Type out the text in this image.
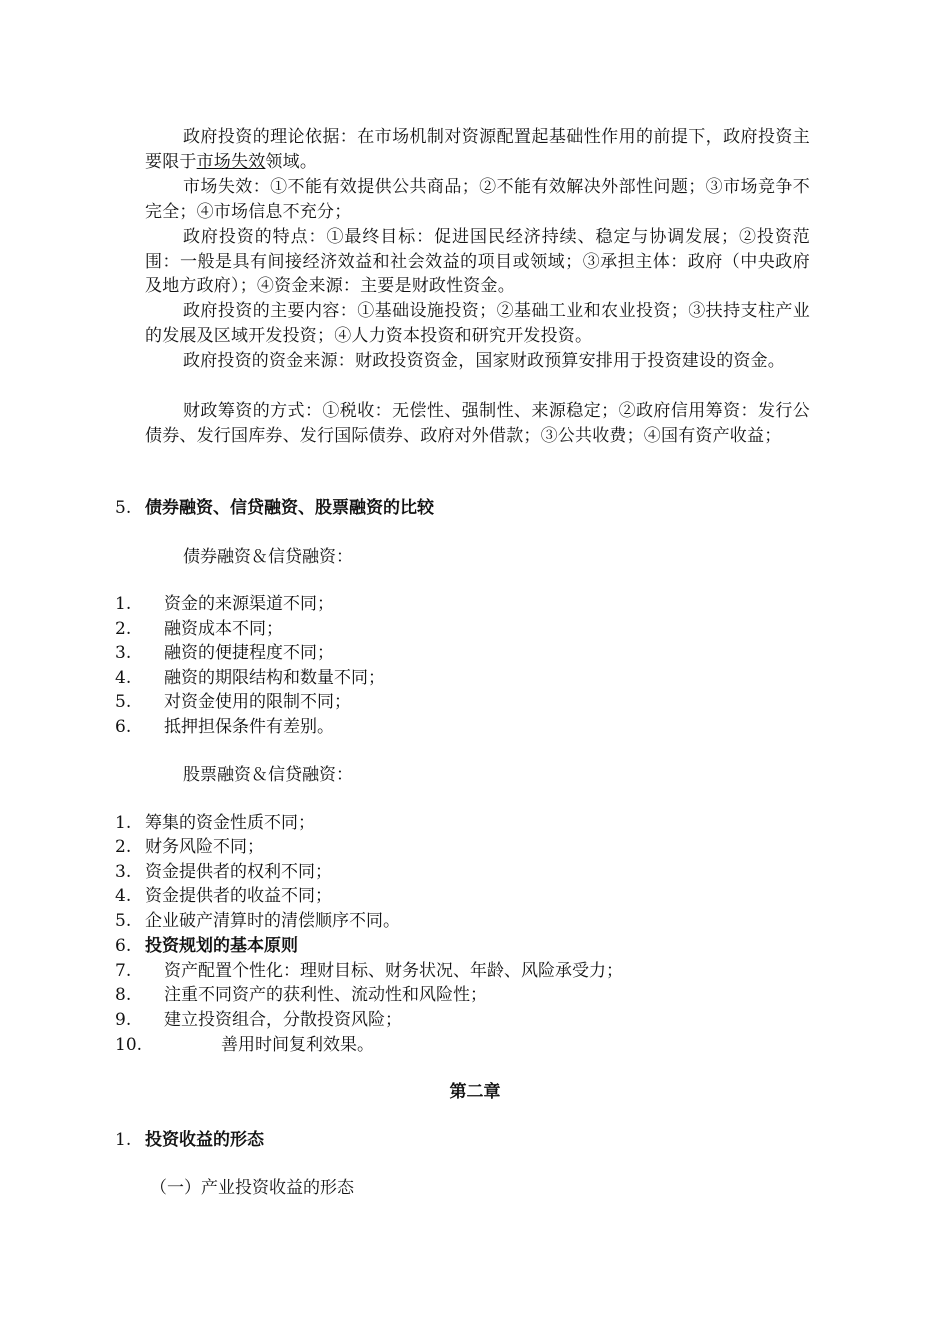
政府投资的理论依据：在市场机制对资源配置起基础性作用的前提下，政府投资主要限于市场失效领域。

市场失效：①不能有效提供公共商品；②不能有效解决外部性问题；③市场竞争不完全；④市场信息不充分；

政府投资的特点：①最终目标：促进国民经济持续、稳定与协调发展；②投资范围：一般是具有间接经济效益和社会效益的项目或领域；③承担主体：政府（中央政府及地方政府）；④资金来源：主要是财政性资金。

政府投资的主要内容：①基础设施投资；②基础工业和农业投资；③扶持支柱产业的发展及区域开发投资；④人力资本投资和研究开发投资。

政府投资的资金来源：财政投资资金，国家财政预算安排用于投资建设的资金。

财政筹资的方式：①税收：无偿性、强制性、来源稳定；②政府信用筹资：发行公债券、发行国库券、发行国际债券、政府对外借款；③公共收费；④国有资产收益；

5. 债券融资、信贷融资、股票融资的比较
债券融资＆信贷融资：
1. 资金的来源渠道不同；
2. 融资成本不同；
3. 融资的便捷程度不同；
4. 融资的期限结构和数量不同；
5. 对资金使用的限制不同；
6. 抵押担保条件有差别。
股票融资＆信贷融资：
1. 筹集的资金性质不同；
2. 财务风险不同；
3. 资金提供者的权利不同；
4. 资金提供者的收益不同；
5. 企业破产清算时的清偿顺序不同。
6. 投资规划的基本原则
7. 资产配置个性化：理财目标、财务状况、年龄、风险承受力；
8. 注重不同资产的获利性、流动性和风险性；
9. 建立投资组合，分散投资风险；
10.	善用时间复利效果。
第二章
1. 投资收益的形态
（一）产业投资收益的形态
